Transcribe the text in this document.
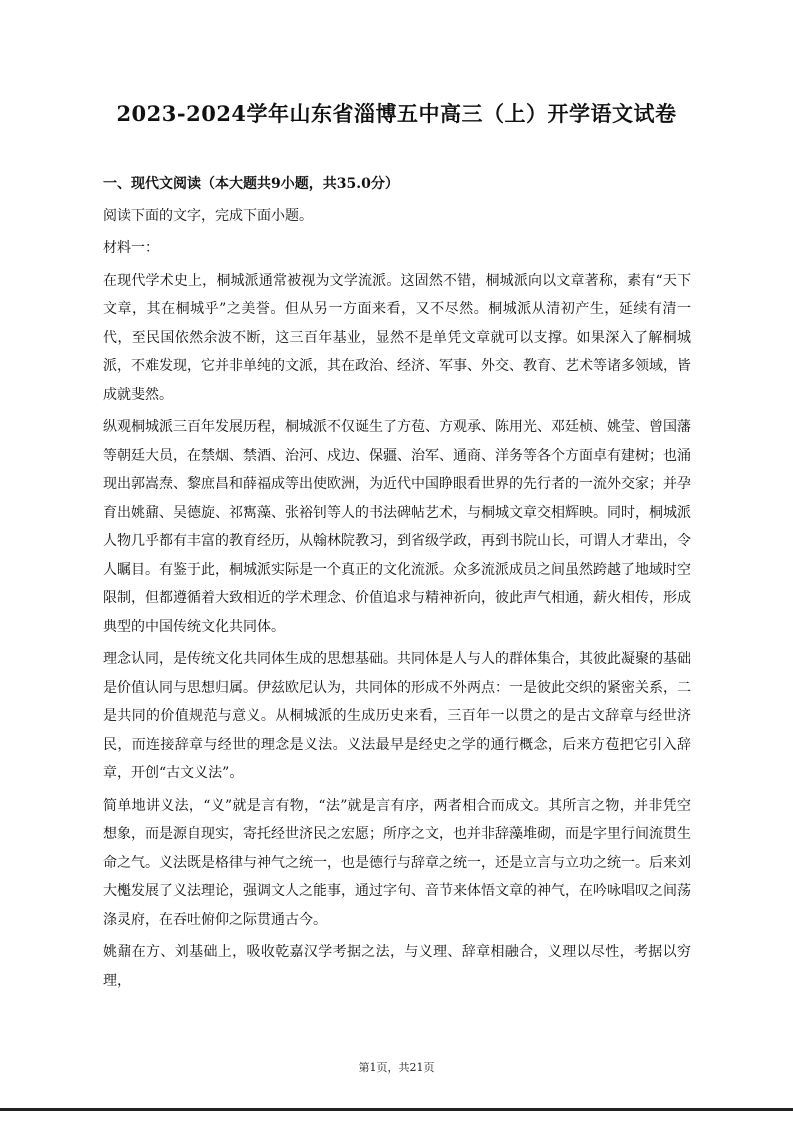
2023-2024学年山东省淄博五中高三（上）开学语文试卷
一、现代文阅读（本大题共9小题，共35.0分）

阅读下面的文字，完成下面小题。

材料一：

在现代学术史上，桐城派通常被视为文学流派。这固然不错，桐城派向以文章著称，素有“天下文章，其在桐城乎”之美誉。但从另一方面来看，又不尽然。桐城派从清初产生，延续有清一代，至民国依然余波不断，这三百年基业，显然不是单凭文章就可以支撑。如果深入了解桐城派，不难发现，它并非单纯的文派，其在政治、经济、军事、外交、教育、艺术等诸多领域，皆成就斐然。

纵观桐城派三百年发展历程，桐城派不仅诞生了方苞、方观承、陈用光、邓廷桢、姚莹、曾国藩等朝廷大员，在禁烟、禁酒、治河、戍边、保疆、治军、通商、洋务等各个方面卓有建树；也涌现出郭嵩焘、黎庶昌和薛福成等出使欧洲，为近代中国睁眼看世界的先行者的一流外交家；并孕育出姚鼐、吴德旋、祁寯藻、张裕钊等人的书法碑帖艺术，与桐城文章交相辉映。同时，桐城派人物几乎都有丰富的教育经历，从翰林院教习，到省级学政，再到书院山长，可谓人才辈出，令人瞩目。有鉴于此，桐城派实际是一个真正的文化流派。众多流派成员之间虽然跨越了地域时空限制，但都遵循着大致相近的学术理念、价值追求与精神祈向，彼此声气相通，薪火相传，形成典型的中国传统文化共同体。

理念认同，是传统文化共同体生成的思想基础。共同体是人与人的群体集合，其彼此凝聚的基础是价值认同与思想归属。伊兹欧尼认为，共同体的形成不外两点：一是彼此交织的紧密关系，二是共同的价值规范与意义。从桐城派的生成历史来看，三百年一以贯之的是古文辞章与经世济民，而连接辞章与经世的理念是义法。义法最早是经史之学的通行概念，后来方苞把它引入辞章，开创“古文义法”。

简单地讲义法，“义”就是言有物，“法”就是言有序，两者相合而成文。其所言之物，并非凭空想象，而是源自现实，寄托经世济民之宏愿；所序之文，也并非辞藻堆砌，而是字里行间流贯生命之气。义法既是格律与神气之统一，也是德行与辞章之统一，还是立言与立功之统一。后来刘大櫆发展了义法理论，强调文人之能事，通过字句、音节来体悟文章的神气，在吟咏唱叹之间荡涤灵府，在吞吐俯仰之际贯通古今。

姚鼐在方、刘基础上，吸收乾嘉汉学考据之法，与义理、辞章相融合，义理以尽性，考据以穷理，

第1页，共21页
